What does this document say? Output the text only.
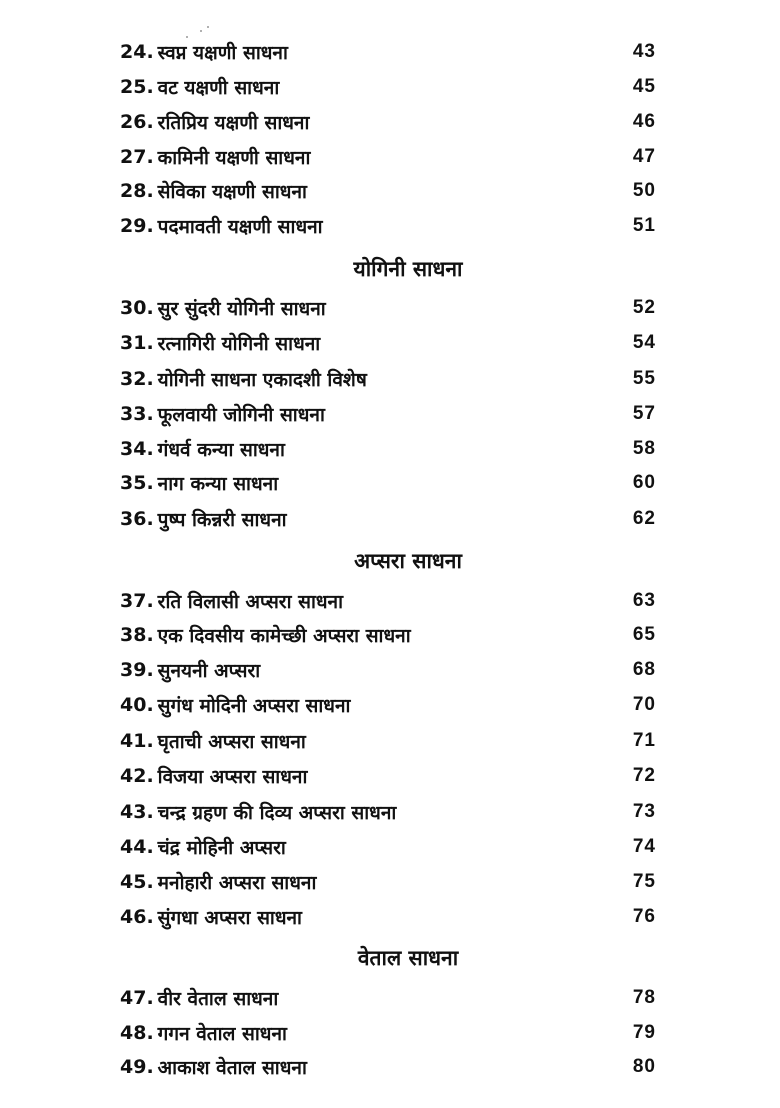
24. स्वप्न यक्षणी साधना	43
25. वट यक्षणी साधना	45
26. रतिप्रिय यक्षणी साधना	46
27. कामिनी यक्षणी साधना	47
28. सेविका यक्षणी साधना	50
29. पदमावती यक्षणी साधना	51
योगिनी साधना
30. सुर सुंदरी योगिनी साधना	52
31. रत्नागिरी योगिनी साधना	54
32. योगिनी साधना एकादशी विशेष	55
33. फूलवायी जोगिनी साधना	57
34. गंधर्व कन्या साधना	58
35. नाग कन्या साधना	60
36. पुष्प किन्नरी साधना	62
अप्सरा साधना
37. रति विलासी अप्सरा साधना	63
38. एक दिवसीय कामेच्छी अप्सरा साधना	65
39. सुनयनी अप्सरा	68
40. सुगंध मोदिनी अप्सरा साधना	70
41. घृताची अप्सरा साधना	71
42. विजया अप्सरा साधना	72
43. चन्द्र ग्रहण की दिव्य अप्सरा साधना	73
44. चंद्र मोहिनी अप्सरा	74
45. मनोहारी अप्सरा साधना	75
46. सुंगधा अप्सरा साधना	76
वेताल साधना
47. वीर वेताल साधना	78
48. गगन वेताल साधना	79
49. आकाश वेताल साधना	80
